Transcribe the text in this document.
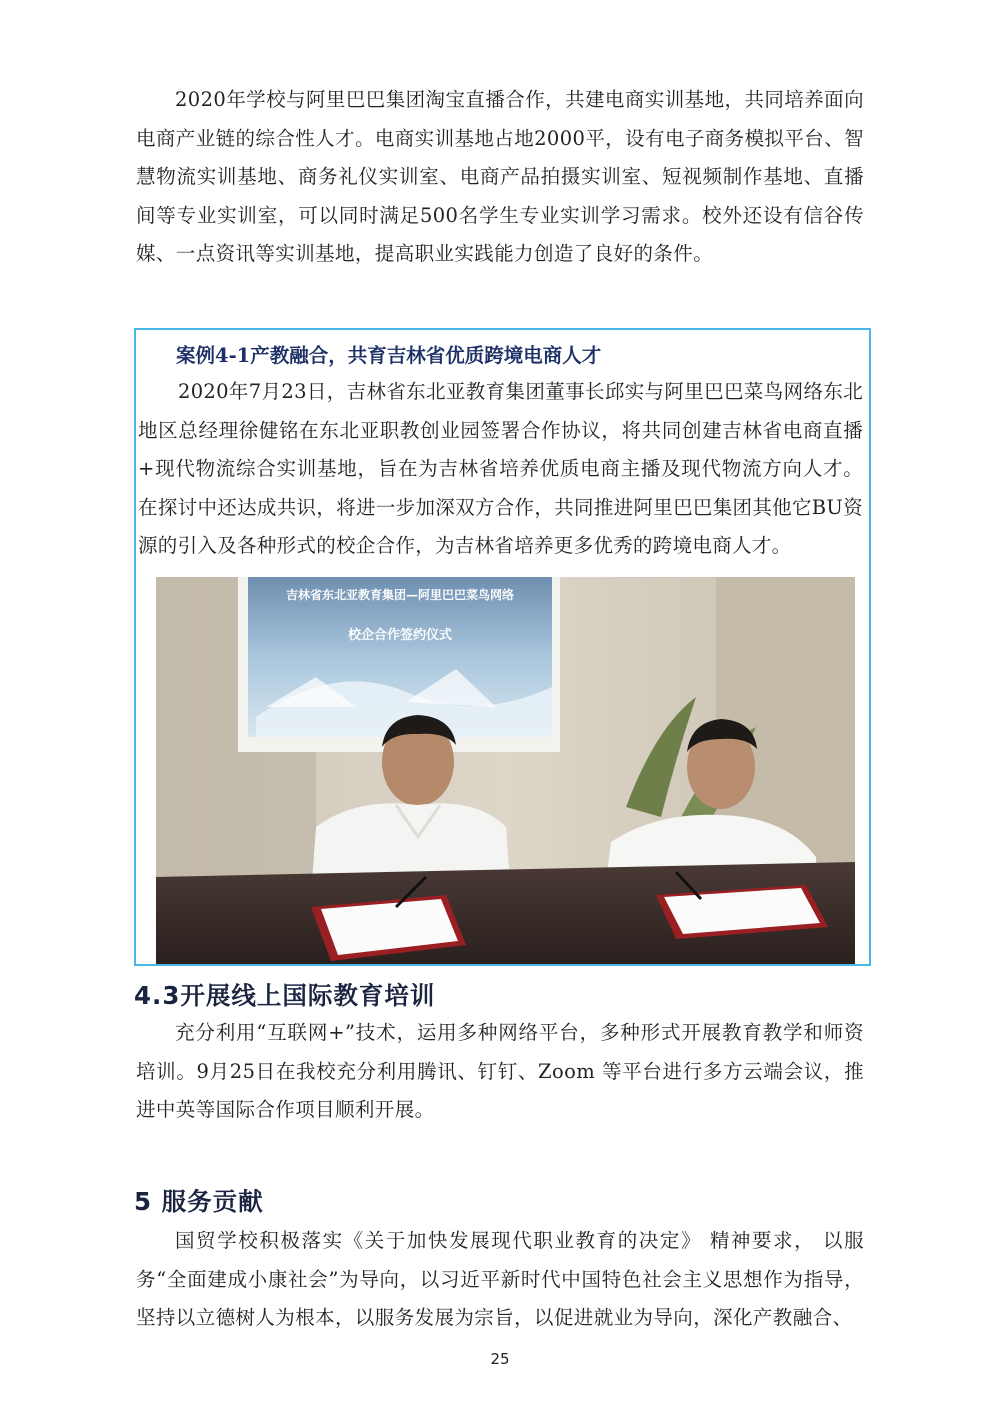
2020年学校与阿里巴巴集团淘宝直播合作，共建电商实训基地，共同培养面向电商产业链的综合性人才。电商实训基地占地2000平，设有电子商务模拟平台、智慧物流实训基地、商务礼仪实训室、电商产品拍摄实训室、短视频制作基地、直播间等专业实训室，可以同时满足500名学生专业实训学习需求。校外还设有信谷传媒、一点资讯等实训基地，提高职业实践能力创造了良好的条件。

案例4-1产教融合，共育吉林省优质跨境电商人才

2020年7月23日，吉林省东北亚教育集团董事长邱实与阿里巴巴菜鸟网络东北地区总经理徐健铭在东北亚职教创业园签署合作协议，将共同创建吉林省电商直播+现代物流综合实训基地，旨在为吉林省培养优质电商主播及现代物流方向人才。在探讨中还达成共识，将进一步加深双方合作，共同推进阿里巴巴集团其他它BU资源的引入及各种形式的校企合作，为吉林省培养更多优秀的跨境电商人才。

吉林省东北亚教育集团—阿里巴巴菜鸟网络
校企合作签约仪式
4.3开展线上国际教育培训

充分利用“互联网+”技术，运用多种网络平台，多种形式开展教育教学和师资培训。9月25日在我校充分利用腾讯、钉钉、Zoom 等平台进行多方云端会议，推进中英等国际合作项目顺利开展。

5 服务贡献

国贸学校积极落实《关于加快发展现代职业教育的决定》 精神要求， 以服务“全面建成小康社会”为导向，以习近平新时代中国特色社会主义思想作为指导，坚持以立德树人为根本，以服务发展为宗旨，以促进就业为导向，深化产教融合、

25
